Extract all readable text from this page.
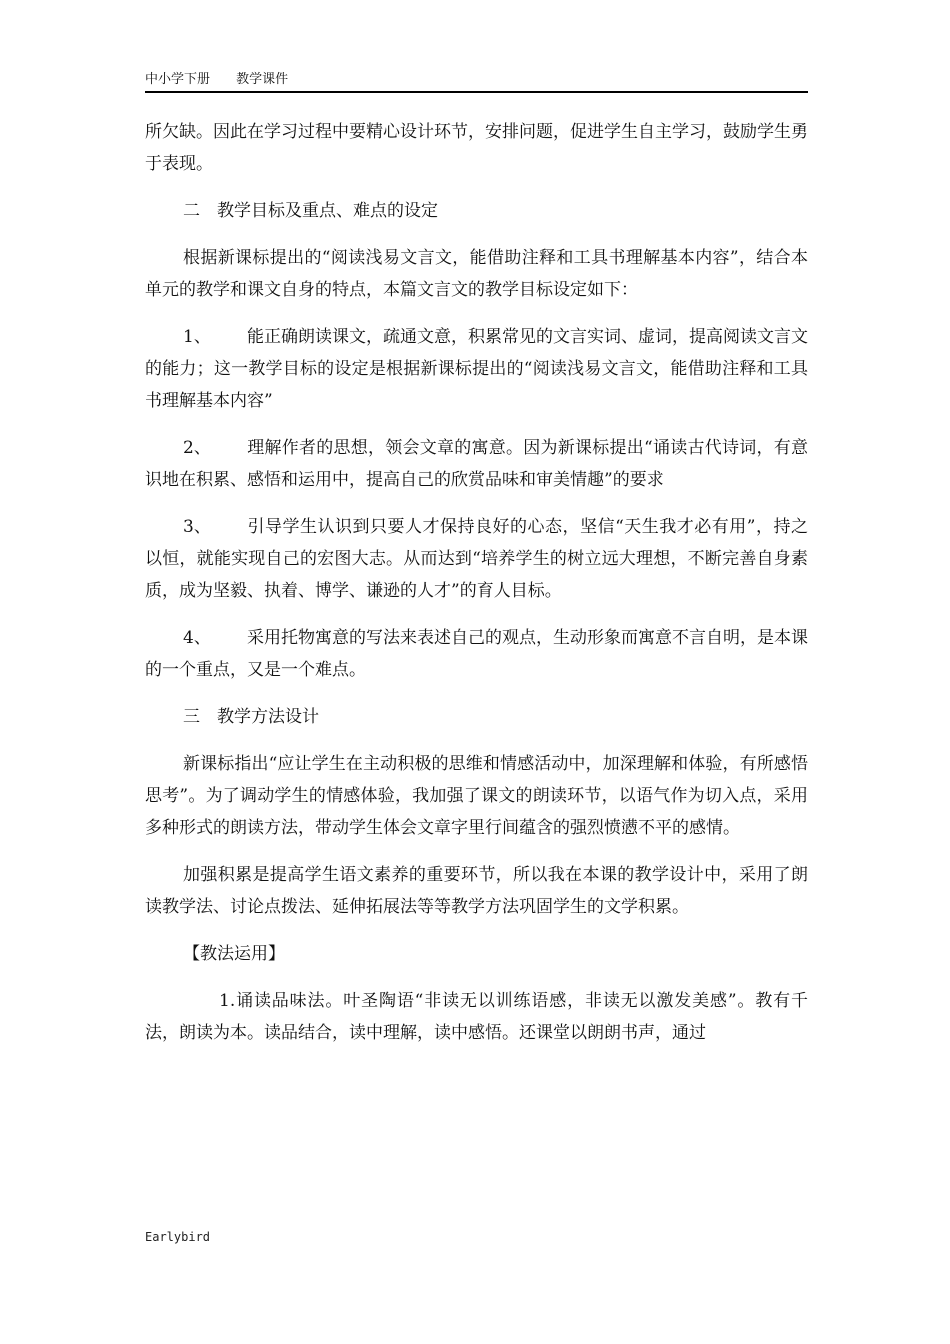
中小学下册 教学课件

所欠缺。因此在学习过程中要精心设计环节，安排问题，促进学生自主学习，鼓励学生勇于表现。

二　教学目标及重点、难点的设定

根据新课标提出的“阅读浅易文言文，能借助注释和工具书理解基本内容”，结合本单元的教学和课文自身的特点，本篇文言文的教学目标设定如下：

1、 能正确朗读课文，疏通文意，积累常见的文言实词、虚词，提高阅读文言文的能力；这一教学目标的设定是根据新课标提出的“阅读浅易文言文，能借助注释和工具书理解基本内容”

2、 理解作者的思想，领会文章的寓意。因为新课标提出“诵读古代诗词，有意识地在积累、感悟和运用中，提高自己的欣赏品味和审美情趣”的要求

3、 引导学生认识到只要人才保持良好的心态，坚信“天生我才必有用”，持之以恒，就能实现自己的宏图大志。从而达到“培养学生的树立远大理想，不断完善自身素质，成为坚毅、执着、博学、谦逊的人才”的育人目标。

4、 采用托物寓意的写法来表述自己的观点，生动形象而寓意不言自明，是本课的一个重点，又是一个难点。

三　教学方法设计

新课标指出“应让学生在主动积极的思维和情感活动中，加深理解和体验，有所感悟思考”。为了调动学生的情感体验，我加强了课文的朗读环节，以语气作为切入点，采用多种形式的朗读方法，带动学生体会文章字里行间蕴含的强烈愤懑不平的感情。

加强积累是提高学生语文素养的重要环节，所以我在本课的教学设计中，采用了朗读教学法、讨论点拨法、延伸拓展法等等教学方法巩固学生的文学积累。

【教法运用】

1.诵读品味法。叶圣陶语“非读无以训练语感，非读无以激发美感”。教有千法，朗读为本。读品结合，读中理解，读中感悟。还课堂以朗朗书声，通过

Earlybird
